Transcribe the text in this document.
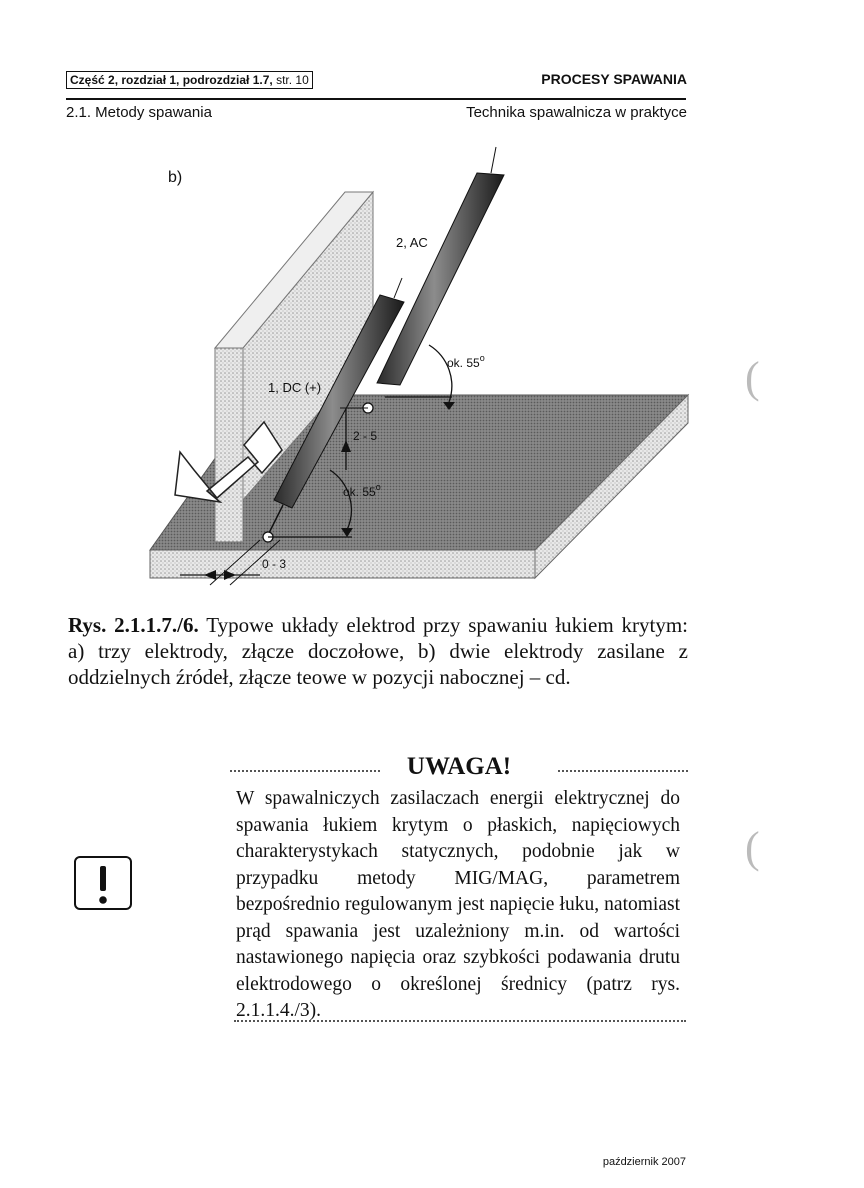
Część 2, rozdział 1, podrozdział 1.7, str. 10	PROCESY SPAWANIA
2.1. Metody spawania	Technika spawalnicza w praktyce
b)
2, AC
1, DC (+)
ok. 55$^o$
ok. 55$^o$
2 - 5
0 - 3
Rys. 2.1.1.7./6. Typowe układy elektrod przy spawaniu łukiem krytym: a) trzy elektrody, złącze doczołowe, b) dwie elektrody zasilane z oddzielnych źródeł, złącze teowe w pozycji nabocznej – cd.
UWAGA!
W spawalniczych zasilaczach energii elektrycznej do spawania łukiem krytym o płaskich, napięciowych charakterystykach statycznych, podobnie jak w przypadku metody MIG/MAG, parametrem bezpośrednio regulowanym jest napięcie łuku, natomiast prąd spawania jest uzależniony m.in. od wartości nastawionego napięcia oraz szybkości podawania drutu elektrodowego o określonej średnicy (patrz rys. 2.1.1.4./3).
(
(
październik 2007
